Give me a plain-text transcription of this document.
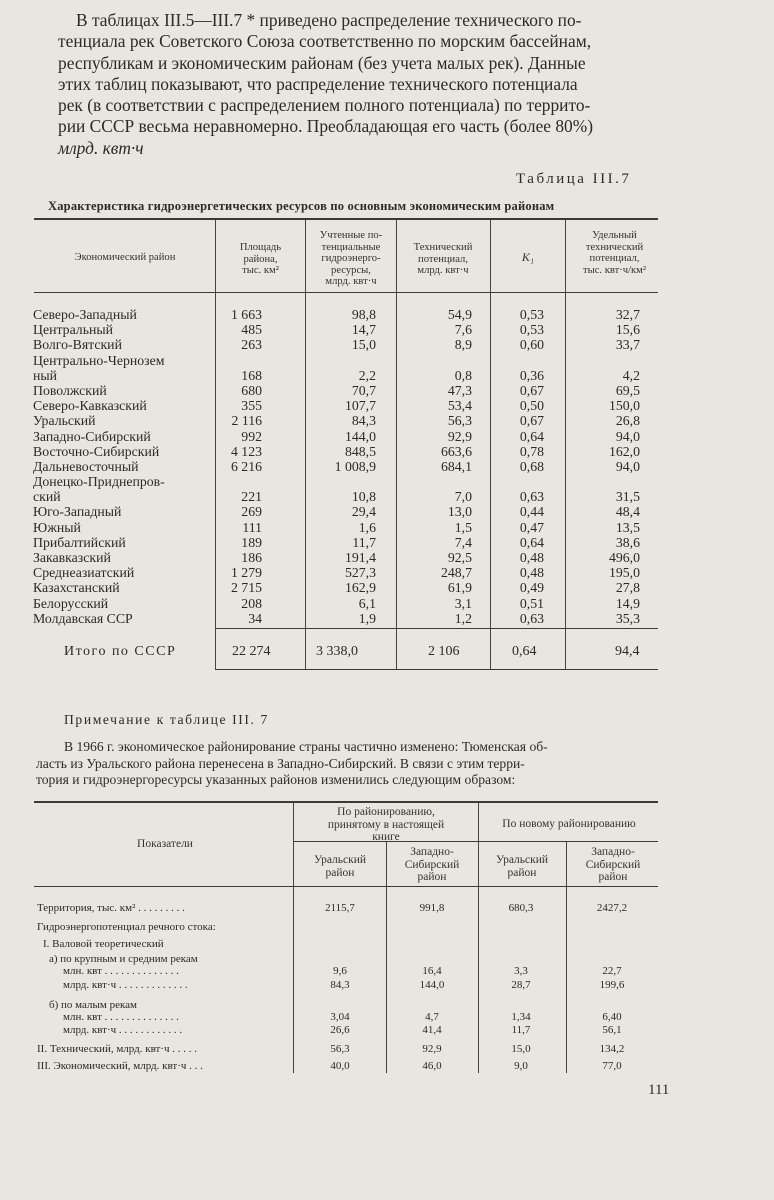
В таблицах III.5—III.7 * приведено распределение технического по-

тенциала рек Советского Союза соответственно по морским бассейнам,
республикам и экономическим районам (без учета малых рек). Данные
этих таблиц показывают, что распределение технического потенциала
рек (в соответствии с распределением полного потенциала) по террито-
рии СССР весьма неравномерно. Преобладающая его часть (более 80%)
млрд. квт·ч
Таблица III.7
Характеристика гидроэнергетических ресурсов по основным экономическим районам
Экономический район
Площадь
района,
тыс. км²
Учтенные по-
тенциальные
гидроэнерго-
ресурсы,
млрд. квт·ч
Технический
потенциал,
млрд. квт·ч
K₁
Удельный
технический
потенциал,
тыс. квт·ч/км²
Северо-Западный	1 663	98,8	54,9	0,53	32,7
Центральный	485	14,7	7,6	0,53	15,6
Волго-Вятский	263	15,0	8,9	0,60	33,7
Центрально-Чернозем
ный	168	2,2	0,8	0,36	4,2
Поволжский	680	70,7	47,3	0,67	69,5
Северо-Кавказский	355	107,7	53,4	0,50	150,0
Уральский	2 116	84,3	56,3	0,67	26,8
Западно-Сибирский	992	144,0	92,9	0,64	94,0
Восточно-Сибирский	4 123	848,5	663,6	0,78	162,0
Дальневосточный	6 216	1 008,9	684,1	0,68	94,0
Донецко-Приднепров-
ский	221	10,8	7,0	0,63	31,5
Юго-Западный	269	29,4	13,0	0,44	48,4
Южный	111	1,6	1,5	0,47	13,5
Прибалтийский	189	11,7	7,4	0,64	38,6
Закавказский	186	191,4	92,5	0,48	496,0
Среднеазиатский	1 279	527,3	248,7	0,48	195,0
Казахстанский	2 715	162,9	61,9	0,49	27,8
Белорусский	208	6,1	3,1	0,51	14,9
Молдавская ССР	34	1,9	1,2	0,63	35,3
Итого по СССР	22 274	3 338,0	2 106	0,64	94,4
Примечание к таблице III. 7

В 1966 г. экономическое районирование страны частично изменено: Тюменская об-

ласть из Уральского района перенесена в Западно-Сибирский. В связи с этим терри-
тория и гидроэнергоресурсы указанных районов изменились следующим образом:
Показатели
По районированию,
принятому в настоящей
книге
По новому районированию
Уральский
район
Западно-
Сибирский
район
Уральский
район
Западно-
Сибирский
район
Территория, тыс. км² . . . . . . . . .	2115,7	991,8	680,3	2427,2
Гидроэнергопотенциал речного стока:
I. Валовой теоретический
а) по крупным и средним рекам
млн. квт . . . . . . . . . . . . . .	9,6	16,4	3,3	22,7
млрд. квт·ч . . . . . . . . . . . . .	84,3	144,0	28,7	199,6
б) по малым рекам
млн. квт . . . . . . . . . . . . . .	3,04	4,7	1,34	6,40
млрд. квт·ч . . . . . . . . . . . .	26,6	41,4	11,7	56,1
II. Технический, млрд. квт·ч . . . . .	56,3	92,9	15,0	134,2
III. Экономический, млрд. квт·ч . . .	40,0	46,0	9,0	77,0
111
